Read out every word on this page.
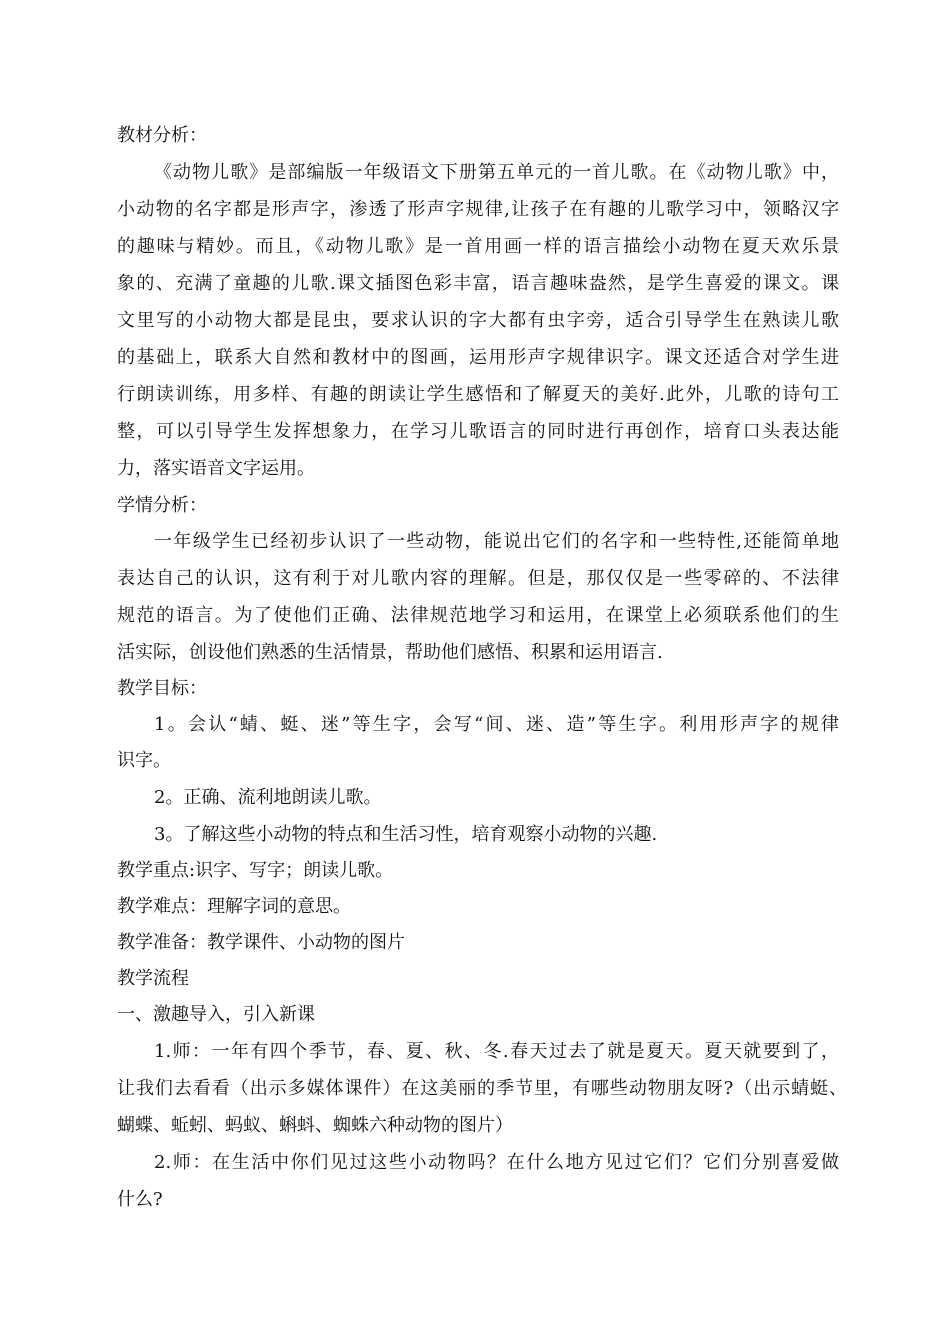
教材分析：
《动物儿歌》是部编版一年级语文下册第五单元的一首儿歌。在《动物儿歌》中，
小动物的名字都是形声字，渗透了形声字规律,让孩子在有趣的儿歌学习中，领略汉字
的趣味与精妙。而且，《动物儿歌》是一首用画一样的语言描绘小动物在夏天欢乐景
象的、充满了童趣的儿歌.课文插图色彩丰富，语言趣味盎然，是学生喜爱的课文。课
文里写的小动物大都是昆虫，要求认识的字大都有虫字旁，适合引导学生在熟读儿歌
的基础上，联系大自然和教材中的图画，运用形声字规律识字。课文还适合对学生进
行朗读训练，用多样、有趣的朗读让学生感悟和了解夏天的美好.此外，儿歌的诗句工
整，可以引导学生发挥想象力，在学习儿歌语言的同时进行再创作，培育口头表达能
力，落实语音文字运用。
学情分析：
一年级学生已经初步认识了一些动物，能说出它们的名字和一些特性,还能简单地
表达自己的认识，这有利于对儿歌内容的理解。但是，那仅仅是一些零碎的、不法律
规范的语言。为了使他们正确、法律规范地学习和运用，在课堂上必须联系他们的生
活实际，创设他们熟悉的生活情景，帮助他们感悟、积累和运用语言.
教学目标：
1。会认“蜻、蜓、迷”等生字，会写“间、迷、造”等生字。利用形声字的规律
识字。
2。正确、流利地朗读儿歌。
3。了解这些小动物的特点和生活习性，培育观察小动物的兴趣.
教学重点:识字、写字；朗读儿歌。
教学难点：理解字词的意思。
教学准备：教学课件、小动物的图片
教学流程
一、激趣导入，引入新课
1.师：一年有四个季节，春、夏、秋、冬.春天过去了就是夏天。夏天就要到了，
让我们去看看（出示多媒体课件）在这美丽的季节里，有哪些动物朋友呀?（出示蜻蜓、
蝴蝶、蚯蚓、蚂蚁、蝌蚪、蜘蛛六种动物的图片）
2.师：在生活中你们见过这些小动物吗？在什么地方见过它们？它们分别喜爱做
什么?
